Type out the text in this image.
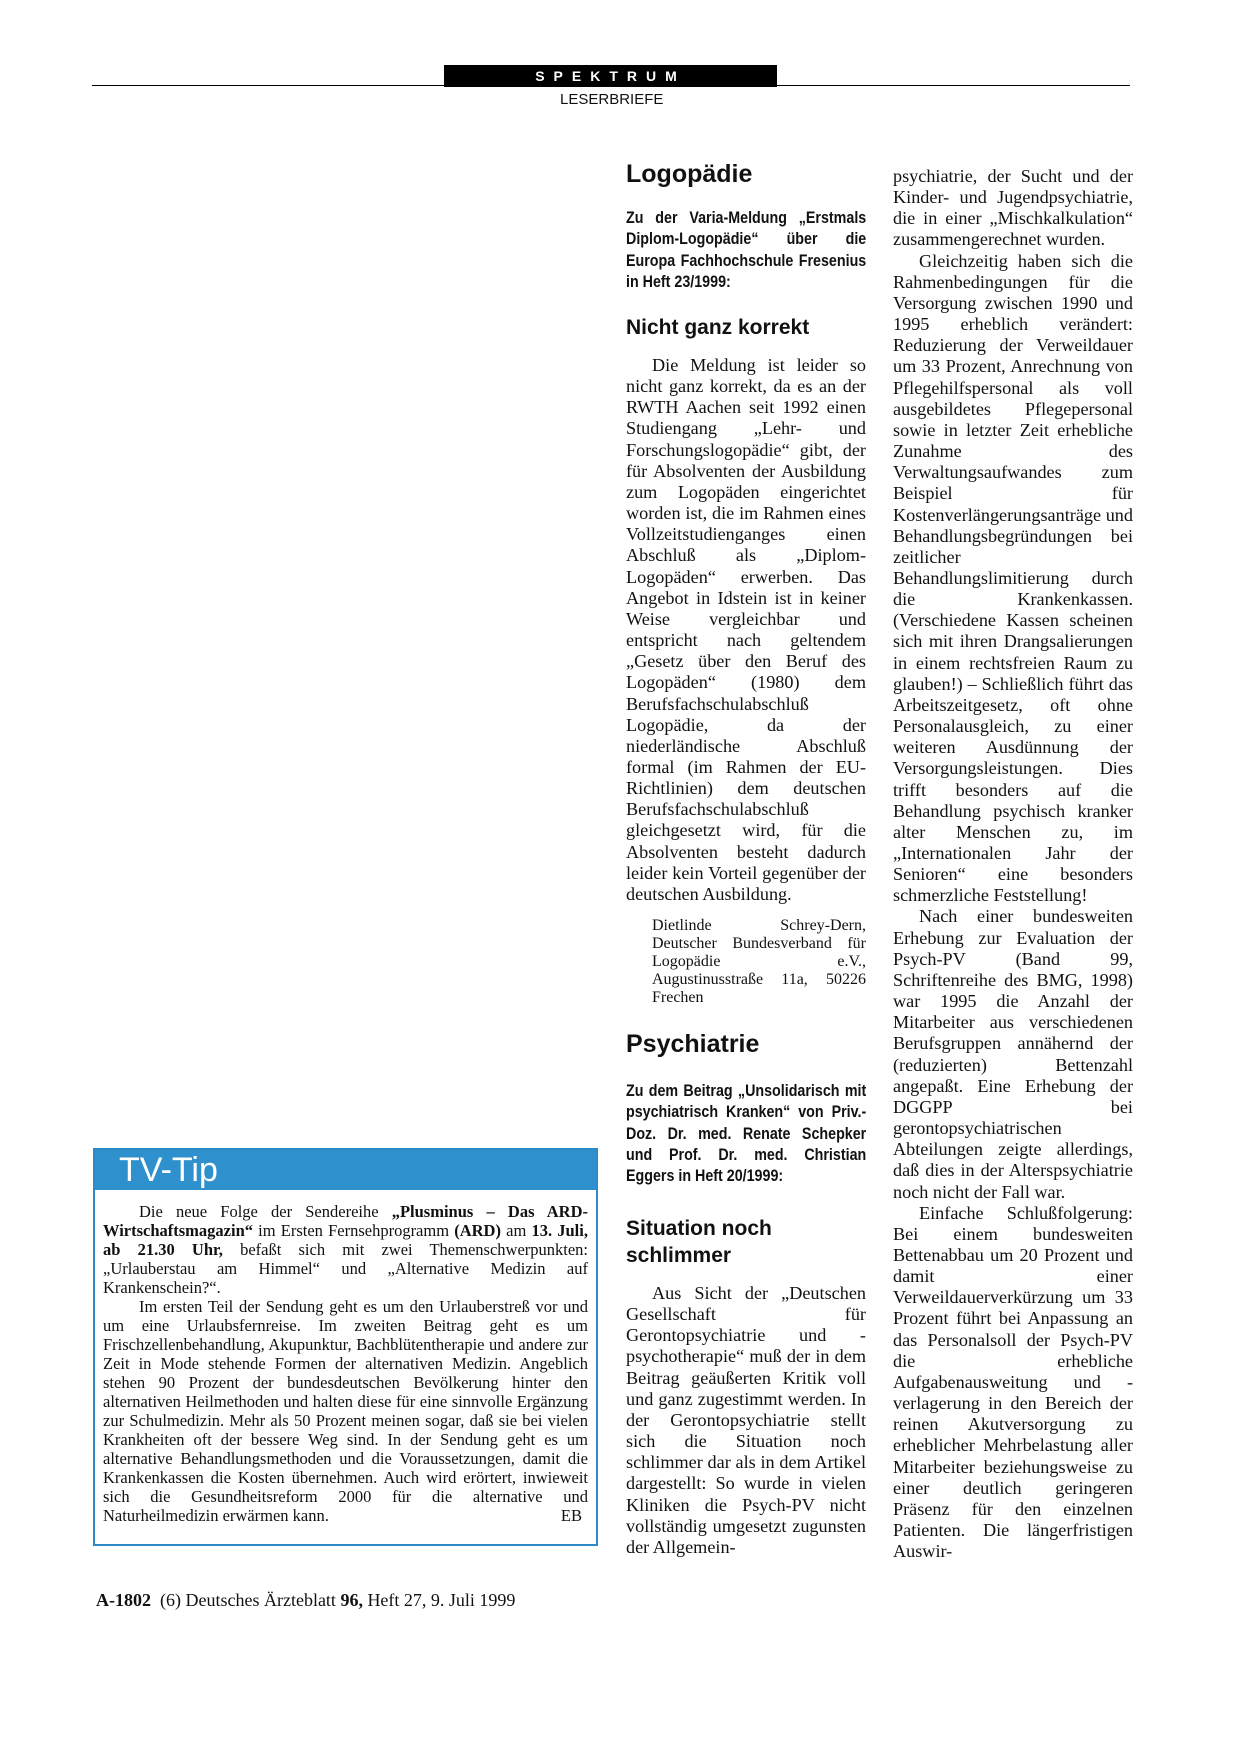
SPEKTRUM
LESERBRIEFE
Logopädie
Zu der Varia-Meldung „Erstmals Diplom-Logopädie“ über die Europa Fachhochschule Fresenius in Heft 23/1999:
Nicht ganz korrekt

Die Meldung ist leider so nicht ganz korrekt, da es an der RWTH Aachen seit 1992 einen Studiengang „Lehr- und Forschungslogopädie“ gibt, der für Absolventen der Ausbildung zum Logopäden eingerichtet worden ist, die im Rahmen eines Vollzeitstudienganges einen Abschluß als „Diplom-Logopäden“ erwerben. Das Angebot in Idstein ist in keiner Weise vergleichbar und entspricht nach geltendem „Gesetz über den Beruf des Logopäden“ (1980) dem Berufsfachschulabschluß Logopädie, da der niederländische Abschluß formal (im Rahmen der EU-Richtlinien) dem deutschen Berufsfachschulabschluß gleichgesetzt wird, für die Absolventen besteht dadurch leider kein Vorteil gegenüber der deutschen Ausbildung.

Dietlinde Schrey-Dern, Deutscher Bundesverband für Logopädie e.V., Augustinusstraße 11a, 50226 Frechen
Psychiatrie
Zu dem Beitrag „Unsolidarisch mit psychiatrisch Kranken“ von Priv.-Doz. Dr. med. Renate Schepker und Prof. Dr. med. Christian Eggers in Heft 20/1999:
Situation noch schlimmer

Aus Sicht der „Deutschen Gesellschaft für Gerontopsychiatrie und -psychotherapie“ muß der in dem Beitrag geäußerten Kritik voll und ganz zugestimmt werden. In der Gerontopsychiatrie stellt sich die Situation noch schlimmer dar als in dem Artikel dargestellt: So wurde in vielen Kliniken die Psych-PV nicht vollständig umgesetzt zugunsten der Allgemein-

psychiatrie, der Sucht und der Kinder- und Jugendpsychiatrie, die in einer „Mischkalkulation“ zusammengerechnet wurden.

Gleichzeitig haben sich die Rahmenbedingungen für die Versorgung zwischen 1990 und 1995 erheblich verändert: Reduzierung der Verweildauer um 33 Prozent, Anrechnung von Pflegehilfspersonal als voll ausgebildetes Pflegepersonal sowie in letzter Zeit erhebliche Zunahme des Verwaltungsaufwandes zum Beispiel für Kostenverlängerungsanträge und Behandlungsbegründungen bei zeitlicher Behandlungslimitierung durch die Krankenkassen. (Verschiedene Kassen scheinen sich mit ihren Drangsalierungen in einem rechtsfreien Raum zu glauben!) – Schließlich führt das Arbeitszeitgesetz, oft ohne Personalausgleich, zu einer weiteren Ausdünnung der Versorgungsleistungen. Dies trifft besonders auf die Behandlung psychisch kranker alter Menschen zu, im „Internationalen Jahr der Senioren“ eine besonders schmerzliche Feststellung!

Nach einer bundesweiten Erhebung zur Evaluation der Psych-PV (Band 99, Schriftenreihe des BMG, 1998) war 1995 die Anzahl der Mitarbeiter aus verschiedenen Berufsgruppen annähernd der (reduzierten) Bettenzahl angepaßt. Eine Erhebung der DGGPP bei gerontopsychiatrischen Abteilungen zeigte allerdings, daß dies in der Alterspsychiatrie noch nicht der Fall war.

Einfache Schlußfolgerung: Bei einem bundesweiten Bettenabbau um 20 Prozent und damit einer Verweildauerverkürzung um 33 Prozent führt bei Anpassung an das Personalsoll der Psych-PV die erhebliche Aufgabenausweitung und -verlagerung in den Bereich der reinen Akutversorgung zu erheblicher Mehrbelastung aller Mitarbeiter beziehungsweise zu einer deutlich geringeren Präsenz für den einzelnen Patienten. Die längerfristigen Auswir-

TV-Tip

Die neue Folge der Sendereihe „Plusminus – Das ARD-Wirtschaftsmagazin“ im Ersten Fernsehprogramm (ARD) am 13. Juli, ab 21.30 Uhr, befaßt sich mit zwei Themenschwerpunkten: „Urlauberstau am Himmel“ und „Alternative Medizin auf Krankenschein?“.

Im ersten Teil der Sendung geht es um den Urlauberstreß vor und um eine Urlaubsfernreise. Im zweiten Beitrag geht es um Frischzellenbehandlung, Akupunktur, Bachblütentherapie und andere zur Zeit in Mode stehende Formen der alternativen Medizin. Angeblich stehen 90 Prozent der bundesdeutschen Bevölkerung hinter den alternativen Heilmethoden und halten diese für eine sinnvolle Ergänzung zur Schulmedizin. Mehr als 50 Prozent meinen sogar, daß sie bei vielen Krankheiten oft der bessere Weg sind. In der Sendung geht es um alternative Behandlungsmethoden und die Voraussetzungen, damit die Krankenkassen die Kosten übernehmen. Auch wird erörtert, inwieweit sich die Gesundheitsreform 2000 für die alternative und Naturheilmedizin erwärmen kann.	EB

A-1802 (6) Deutsches Ärzteblatt 96, Heft 27, 9. Juli 1999
